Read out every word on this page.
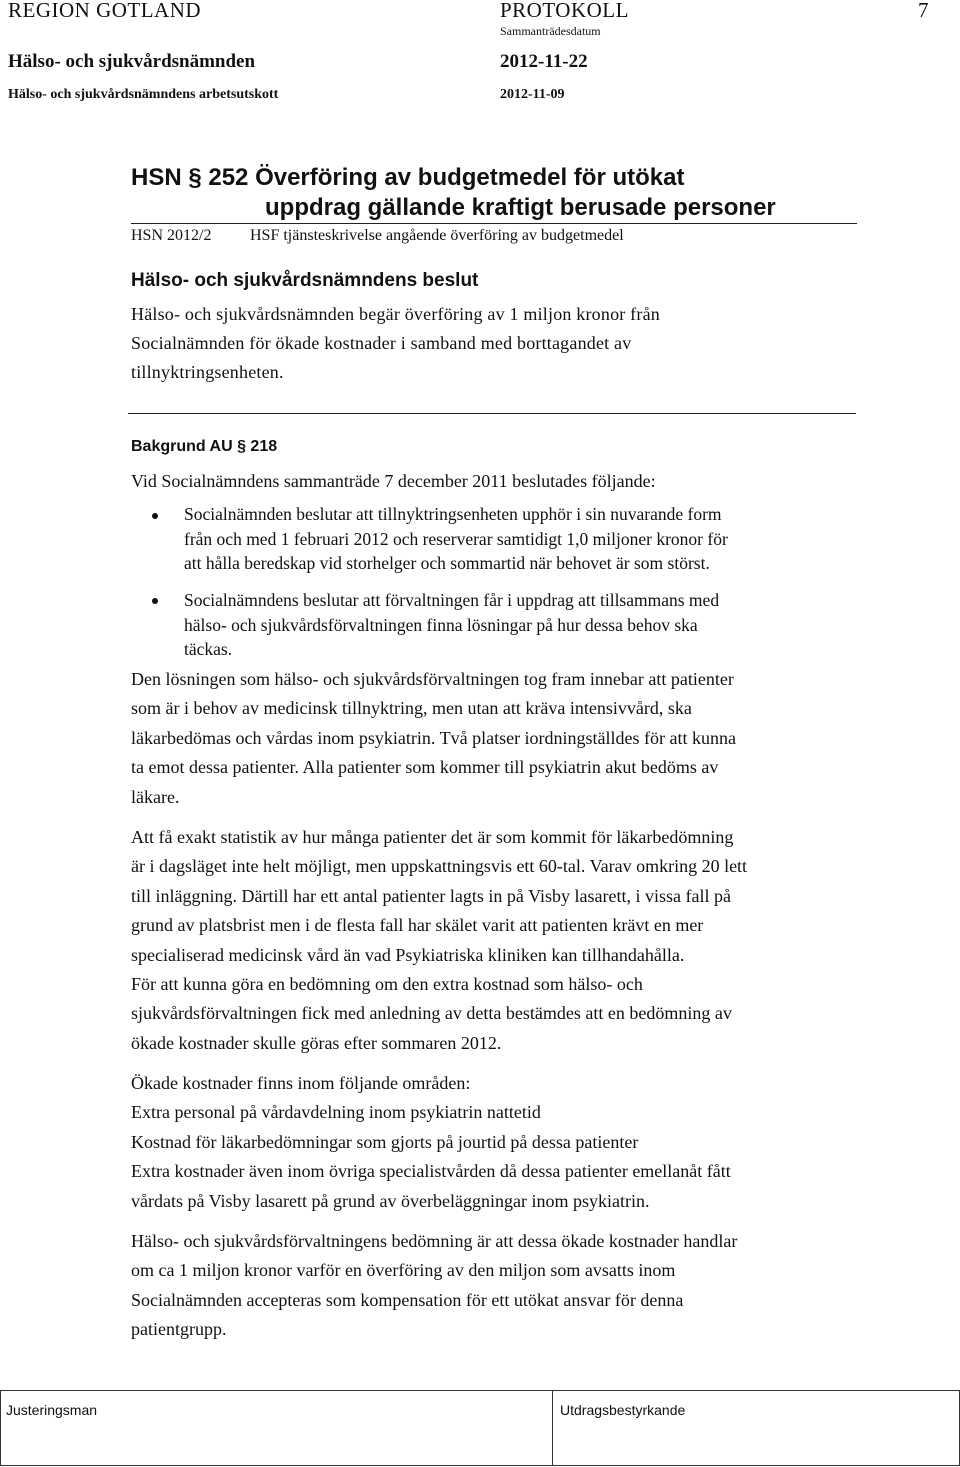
REGION GOTLAND	PROTOKOLL
Sammanträdesdatum
7
Hälso- och sjukvårdsnämnden	2012-11-22
Hälso- och sjukvårdsnämndens arbetsutskott	2012-11-09
HSN § 252 Överföring av budgetmedel för utökat
uppdrag gällande kraftigt berusade personer
HSN 2012/2 HSF tjänsteskrivelse angående överföring av budgetmedel
Hälso- och sjukvårdsnämndens beslut
Hälso- och sjukvårdsnämnden begär överföring av 1 miljon kronor från Socialnämnden för ökade kostnader i samband med borttagandet av tillnyktringsenheten.
Bakgrund AU § 218
Vid Socialnämndens sammanträde 7 december 2011 beslutades följande:
Socialnämnden beslutar att tillnyktringsenheten upphör i sin nuvarande form
från och med 1 februari 2012 och reserverar samtidigt 1,0 miljoner kronor för
att hålla beredskap vid storhelger och sommartid när behovet är som störst.
Socialnämndens beslutar att förvaltningen får i uppdrag att tillsammans med
hälso- och sjukvårdsförvaltningen finna lösningar på hur dessa behov ska
täckas.
Den lösningen som hälso- och sjukvårdsförvaltningen tog fram innebar att patienter
som är i behov av medicinsk tillnyktring, men utan att kräva intensivvård, ska
läkarbedömas och vårdas inom psykiatrin. Två platser iordningställdes för att kunna
ta emot dessa patienter. Alla patienter som kommer till psykiatrin akut bedöms av
läkare.
Att få exakt statistik av hur många patienter det är som kommit för läkarbedömning
är i dagsläget inte helt möjligt, men uppskattningsvis ett 60-tal. Varav omkring 20 lett
till inläggning. Därtill har ett antal patienter lagts in på Visby lasarett, i vissa fall på
grund av platsbrist men i de flesta fall har skälet varit att patienten krävt en mer
specialiserad medicinsk vård än vad Psykiatriska kliniken kan tillhandahålla.
För att kunna göra en bedömning om den extra kostnad som hälso- och
sjukvårdsförvaltningen fick med anledning av detta bestämdes att en bedömning av
ökade kostnader skulle göras efter sommaren 2012.
Ökade kostnader finns inom följande områden:
Extra personal på vårdavdelning inom psykiatrin nattetid
Kostnad för läkarbedömningar som gjorts på jourtid på dessa patienter
Extra kostnader även inom övriga specialistvården då dessa patienter emellanåt fått
vårdats på Visby lasarett på grund av överbeläggningar inom psykiatrin.
Hälso- och sjukvårdsförvaltningens bedömning är att dessa ökade kostnader handlar
om ca 1 miljon kronor varför en överföring av den miljon som avsatts inom
Socialnämnden accepteras som kompensation för ett utökat ansvar för denna
patientgrupp.
Justeringsman	Utdragsbestyrkande
